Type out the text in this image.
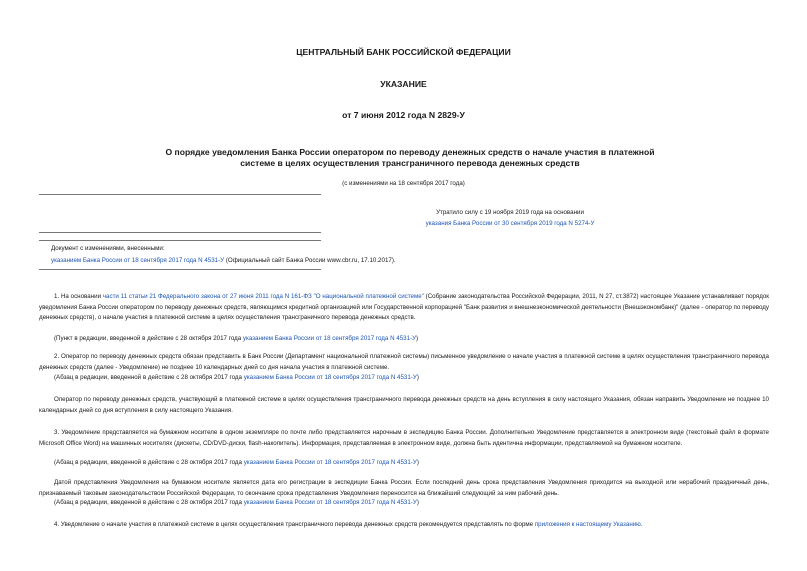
ЦЕНТРАЛЬНЫЙ БАНК РОССИЙСКОЙ ФЕДЕРАЦИИ
УКАЗАНИЕ
от 7 июня 2012 года N 2829-У
О порядке уведомления Банка России оператором по переводу денежных средств о начале участия в платежной системе в целях осуществления трансграничного перевода денежных средств
(с изменениями на 18 сентября 2017 года)
Утратило силу с 19 ноября 2019 года на основании
указания Банка России от 30 сентября 2019 года N 5274-У
Документ с изменениями, внесенными:
указанием Банка России от 18 сентября 2017 года N 4531-У (Официальный сайт Банка России www.cbr.ru, 17.10.2017).
1. На основании части 11 статьи 21 Федерального закона от 27 июня 2011 года N 161-ФЗ "О национальной платежной системе" (Собрание законодательства Российской Федерации, 2011, N 27, ст.3872) настоящее Указание устанавливает порядок уведомления Банка России оператором по переводу денежных средств, являющимся кредитной организацией или Государственной корпорацией "Банк развития и внешнеэкономической деятельности (Внешэкономбанк)" (далее - оператор по переводу денежных средств), о начале участия в платежной системе в целях осуществления трансграничного перевода денежных средств.
(Пункт в редакции, введенной в действие с 28 октября 2017 года указанием Банка России от 18 сентября 2017 года N 4531-У)
2. Оператор по переводу денежных средств обязан представить в Банк России (Департамент национальной платежной системы) письменное уведомление о начале участия в платежной системе в целях осуществления трансграничного перевода денежных средств (далее - Уведомление) не позднее 10 календарных дней со дня начала участия в платежной системе.
(Абзац в редакции, введенной в действие с 28 октября 2017 года указанием Банка России от 18 сентября 2017 года N 4531-У)
Оператор по переводу денежных средств, участвующий в платежной системе в целях осуществления трансграничного перевода денежных средств на день вступления в силу настоящего Указания, обязан направить Уведомление не позднее 10 календарных дней со дня вступления в силу настоящего Указания.
3. Уведомление представляется на бумажном носителе в одном экземпляре по почте либо представляется нарочным в экспедицию Банка России. Дополнительно Уведомление представляется в электронном виде (текстовый файл в формате Microsoft Office Word) на машинных носителях (дискеты, CD/DVD-диски, flash-накопитель). Информация, представляемая в электронном виде, должна быть идентична информации, представляемой на бумажном носителе.
(Абзац в редакции, введенной в действие с 28 октября 2017 года указанием Банка России от 18 сентября 2017 года N 4531-У)
Датой представления Уведомления на бумажном носителе является дата его регистрации в экспедиции Банка России. Если последний день срока представления Уведомления приходится на выходной или нерабочий праздничный день, признаваемый таковым законодательством Российской Федерации, то окончание срока представления Уведомления переносится на ближайший следующий за ним рабочий день.
(Абзац в редакции, введенной в действие с 28 октября 2017 года указанием Банка России от 18 сентября 2017 года N 4531-У)
4. Уведомление о начале участия в платежной системе в целях осуществления трансграничного перевода денежных средств рекомендуется представлять по форме приложения к настоящему Указанию.
